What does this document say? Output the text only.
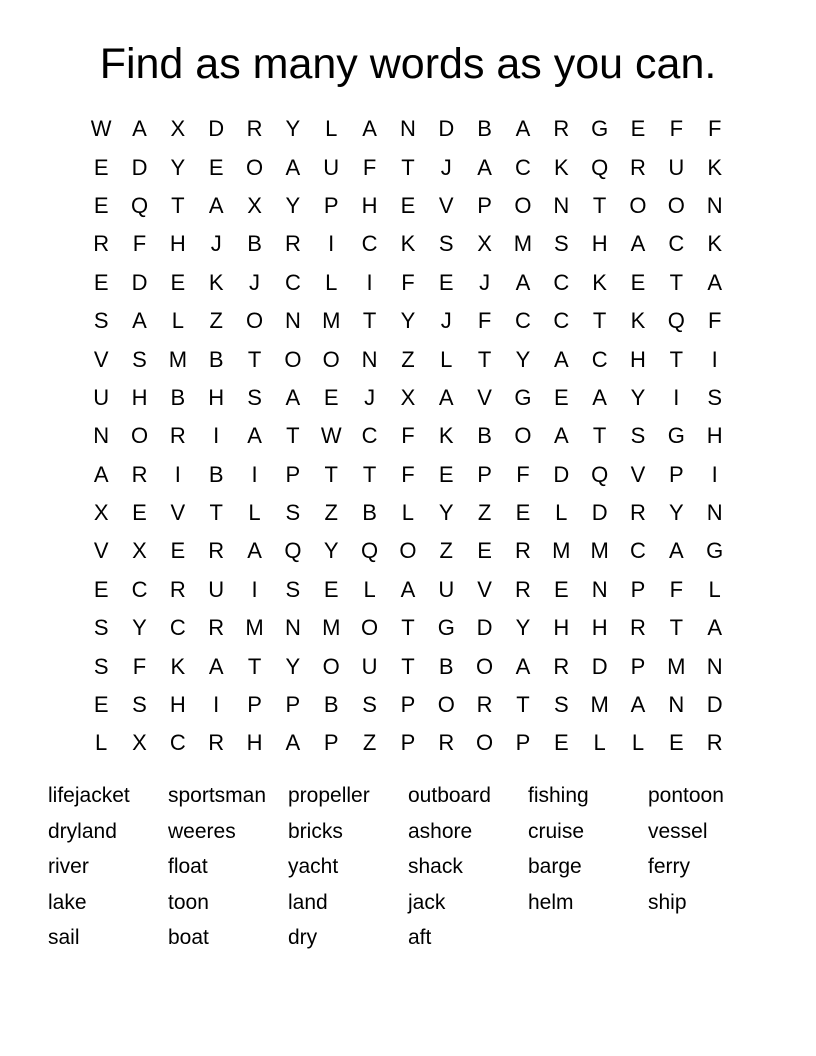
Find as many words as you can.
W A	X	D	R	Y	L	A	N	D	B	A	R G	E	F	F
E	D	Y	E	O	A	U	F	T	J	A	C	K	Q R	U	K
E	Q	T	A	X	Y	P	H	E	V	P	O N	T	O O N
R	F	H	J	B	R	I	C	K	S	X M S	H	A	C	K
E	D	E	K	J	C	L	I	F	E	J	A	C	K	E	T	A
S	A	L	Z	O N M	T	Y	J	F	C	C	T	K	Q	F
V	S M B	T	O O N	Z	L	T	Y	A	C	H	T	I
U	H	B	H	S	A	E	J	X	A	V	G	E	A	Y	I	S
N O R	I	A	T W C	F	K	B	O	A	T	S	G H
A	R	I	B	I	P	T	T	F	E	P	F	D Q	V	P	I
X	E	V	T	L	S	Z	B	L	Y	Z	E	L	D	R	Y	N
V	X	E	R	A	Q	Y	Q O	Z	E	R M M C	A	G
E	C	R	U	I	S	E	L	A	U	V	R	E	N	P	F	L
S	Y	C	R M N M O	T	G D	Y	H	H	R	T	A
S	F	K	A	T	Y	O U	T	B	O	A	R	D	P M N
E	S	H	I	P	P	B	S	P	O R	T	S M A	N	D
L	X	C	R	H	A	P	Z	P	R O	P	E	L	L	E	R
lifejacket	sportsman	propeller	outboard	fishing	pontoon
dryland	weeres	bricks	ashore	cruise	vessel
river	float	yacht	shack	barge	ferry
lake	toon	land	jack	helm	ship
sail	boat	dry	aft
